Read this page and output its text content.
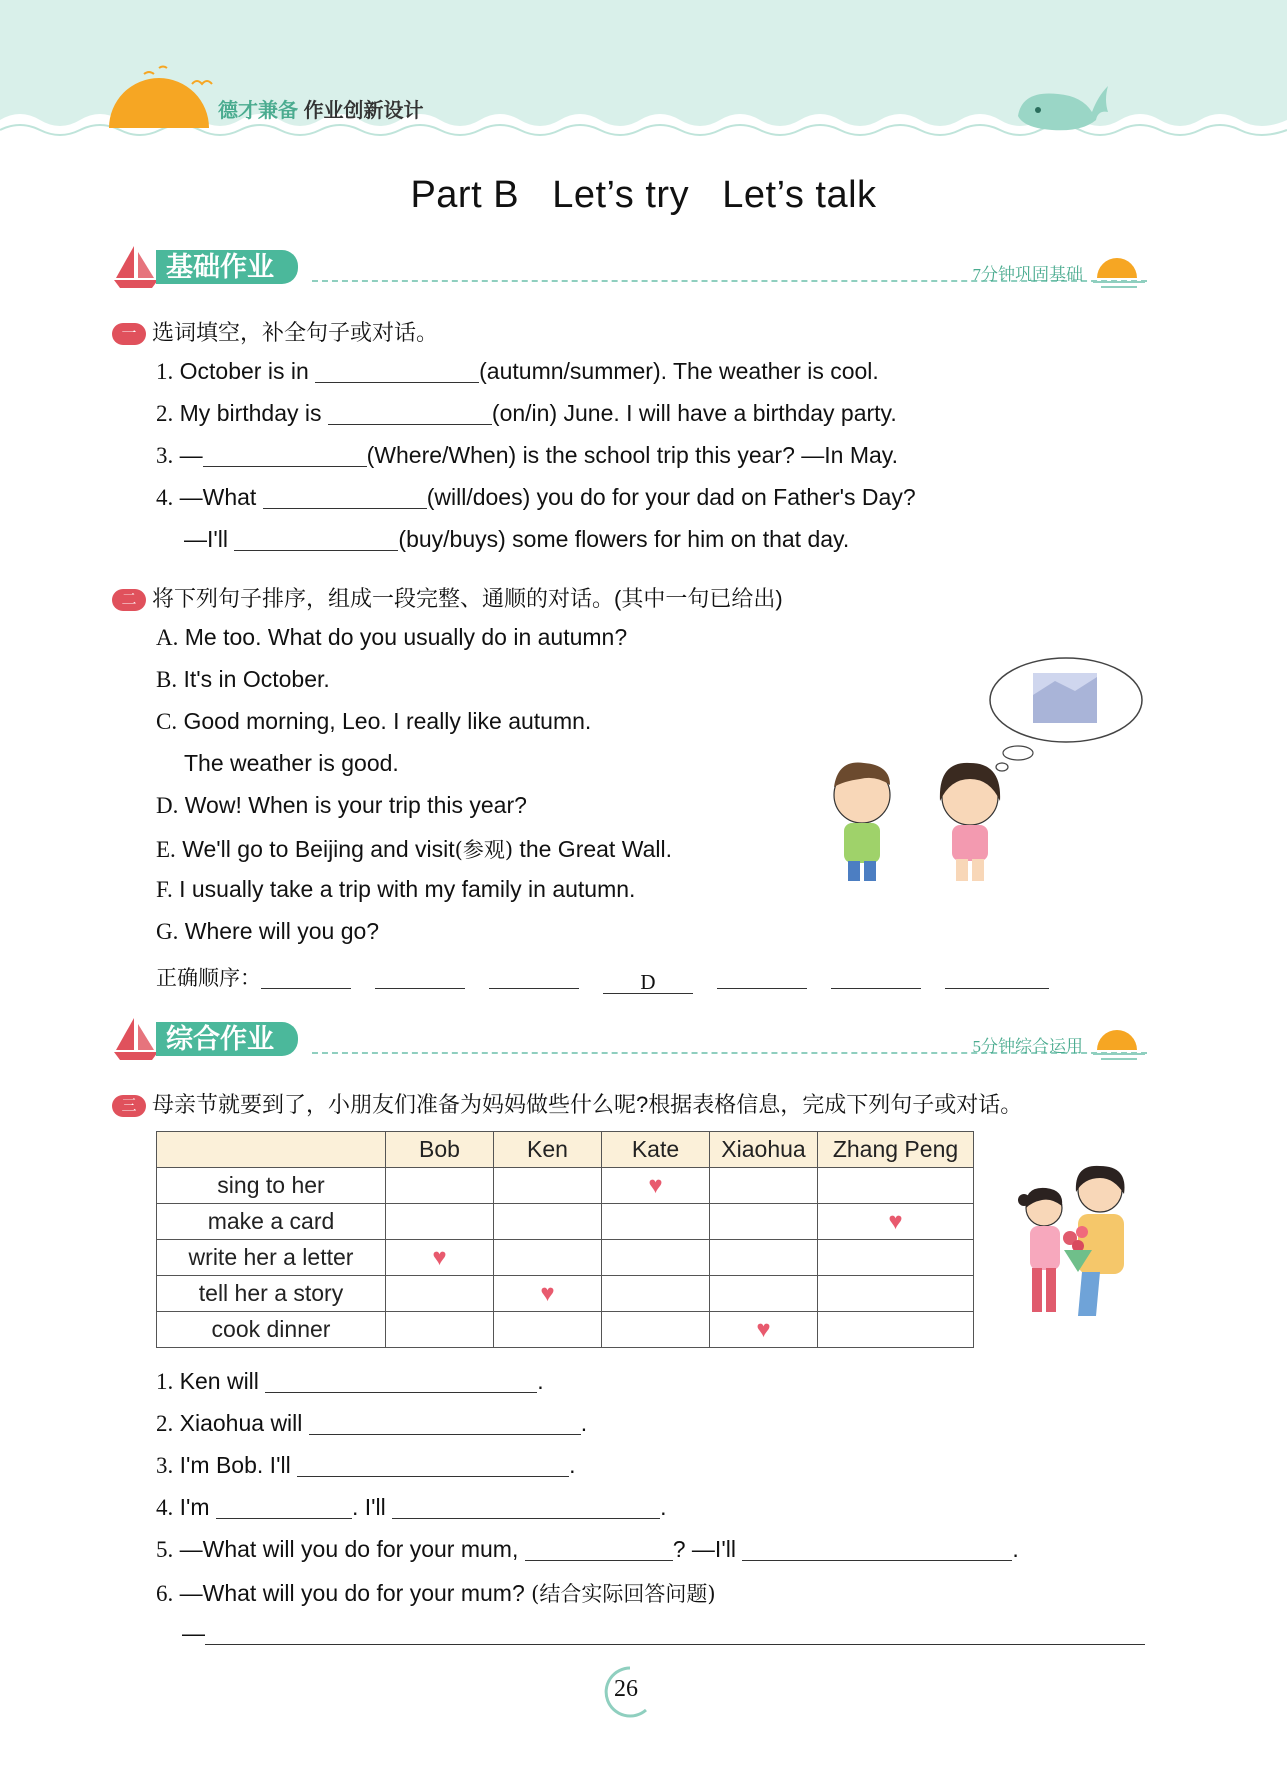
德才兼备 作业创新设计
Part B   Let’s try   Let’s talk
基础作业	7分钟巩固基础
一 选词填空，补全句子或对话。
1. October is in	(autumn/summer). The weather is cool.
2. My birthday is	(on/in) June. I will have a birthday party.
3. —	(Where/When) is the school trip this year? —In May.
4. —What	(will/does) you do for your dad on Father's Day?
—I'll	(buy/buys) some flowers for him on that day.
二 将下列句子排序，组成一段完整、通顺的对话。(其中一句已给出)
A. Me too. What do you usually do in autumn?
B. It's in October.
C. Good morning, Leo. I really like autumn.
The weather is good.
D. Wow! When is your trip this year?
E. We'll go to Beijing and visit(参观) the Great Wall.
F. I usually take a trip with my family in autumn.
G. Where will you go?
正确顺序：	D
综合作业	5分钟综合运用
三 母亲节就要到了，小朋友们准备为妈妈做些什么呢?根据表格信息，完成下列句子或对话。
	Bob	Ken	Kate	Xiaohua	Zhang Peng
sing to her			♥		
make a card					♥
write her a letter	♥				
tell her a story		♥			
cook dinner				♥	
1. Ken will	.
2. Xiaohua will	.
3. I'm Bob. I'll	.
4. I'm	. I'll	.
5. —What will you do for your mum,	? —I'll	.
6. —What will you do for your mum? (结合实际回答问题)
—
26
